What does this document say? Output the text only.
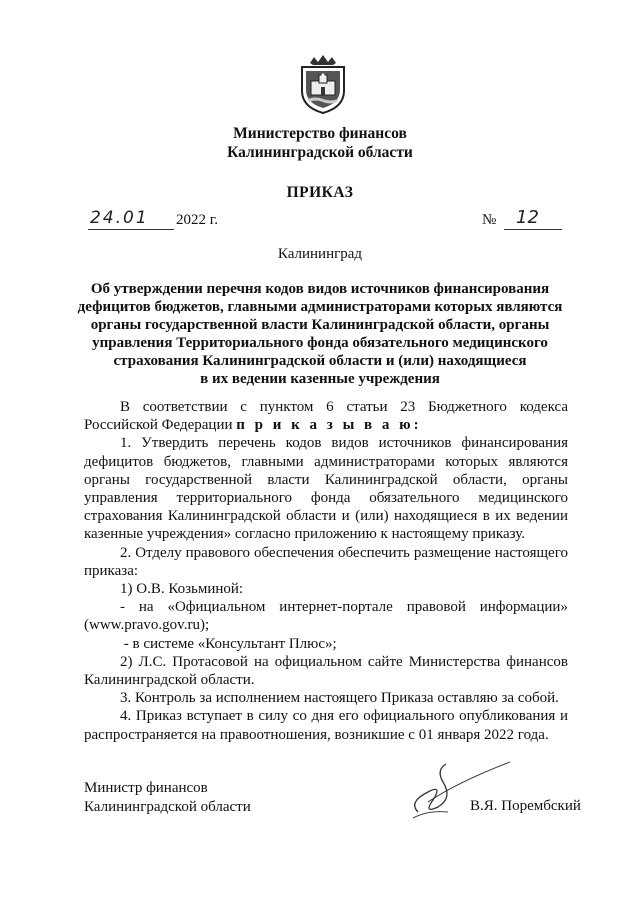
Министерство финансов
Калининградской области
ПРИКАЗ
24.01 2022 г.	№ 12
Калининград
Об утверждении перечня кодов видов источников финансирования
дефицитов бюджетов, главными администраторами которых являются
органы государственной власти Калининградской области, органы
управления Территориального фонда обязательного медицинского
страхования Калининградской области и (или) находящиеся
в их ведении казенные учреждения

В соответствии с пунктом 6 статьи 23 Бюджетного кодекса Российской Федерации п р и к а з ы в а ю:

1. Утвердить перечень кодов видов источников финансирования дефицитов бюджетов, главными администраторами которых являются органы государственной власти Калининградской области, органы управления территориального фонда обязательного медицинского страхования Калининградской области и (или) находящиеся в их ведении казенные учреждения» согласно приложению к настоящему приказу.

2. Отделу правового обеспечения обеспечить размещение настоящего приказа:

1) О.В. Козьминой:

- на «Официальном интернет-портале правовой информации»

(www.pravo.gov.ru);

- в системе «Консультант Плюс»;

2) Л.С. Протасовой на официальном сайте Министерства финансов Калининградской области.

3. Контроль за исполнением настоящего Приказа оставляю за собой.

4. Приказ вступает в силу со дня его официального опубликования и распространяется на правоотношения, возникшие с 01 января 2022 года.

Министр финансов
Калининградской области	В.Я. Порембский
